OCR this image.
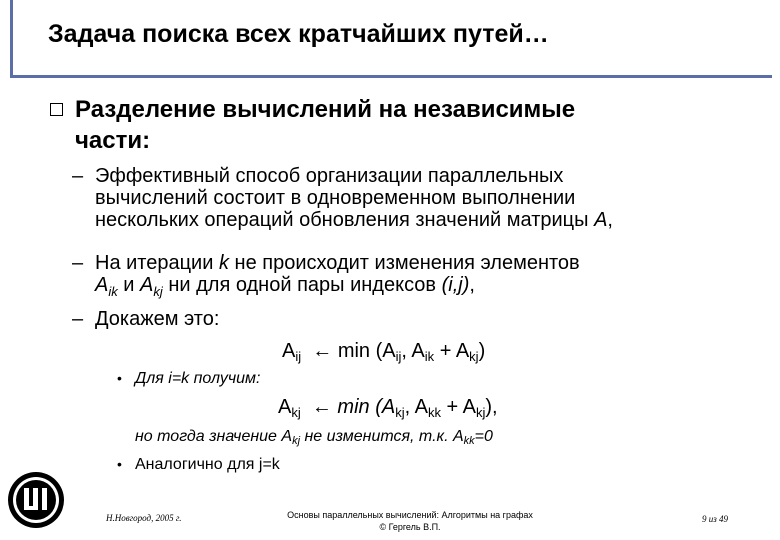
Задача поиска всех кратчайших путей…
Разделение вычислений на независимые
части:
– Эффективный способ организации параллельных
вычислений состоит в одновременном выполнении
нескольких операций обновления значений матрицы A,
– На итерации k не происходит изменения элементов
$A_{ik}$ и $A_{kj}$ ни для одной пары индексов (i,j),
– Докажем это:
$A_{ij}$ ← $\min (A_{ij}$, $A_{ik} + A_{kj}$)
• Для i=k получим:
$A_{kj}$ ← $\min (A_{kj}$, $A_{kk} + A_{kj}$),
но тогда значение $A_{kj}$ не изменится, т.к. $A_{kk}=0$
• Аналогично для j=k
Н.Новгород, 2005 г.	Основы параллельных вычислений: Алгоритмы на графах
© Гергель В.П.
9 из 49
